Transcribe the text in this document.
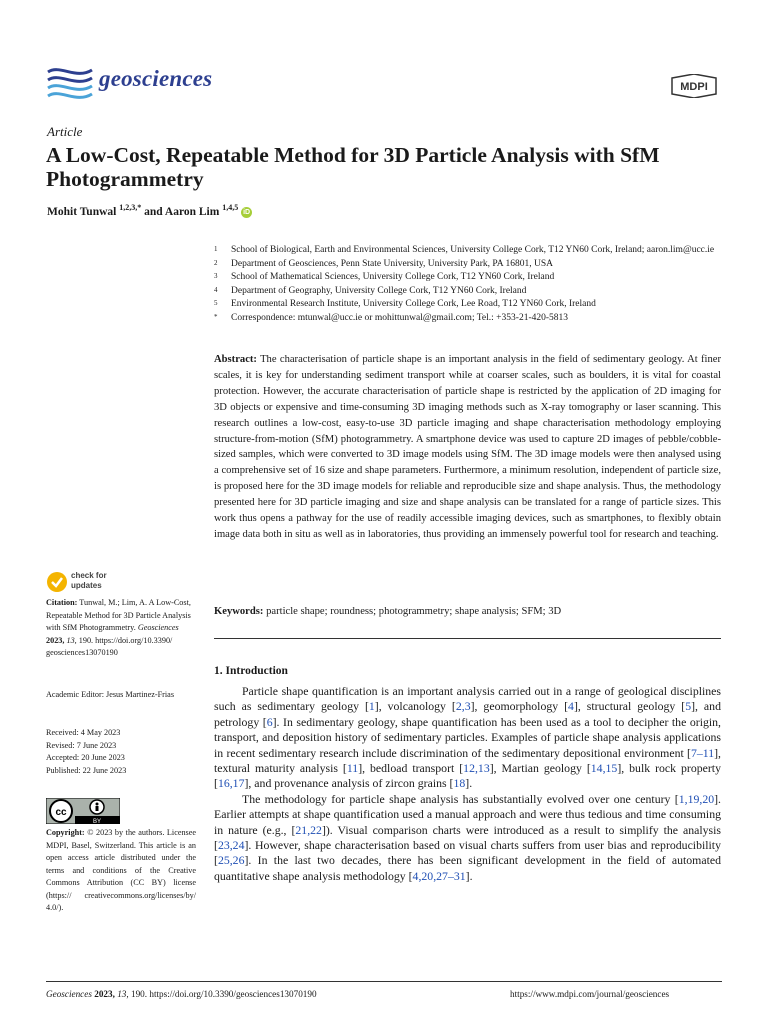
geosciences	MDPI
Article
A Low-Cost, Repeatable Method for 3D Particle Analysis with SfM Photogrammetry
Mohit Tunwal $^{1,2,3,*}$ and Aaron Lim $^{1,4,5}$ iD
1	School of Biological, Earth and Environmental Sciences, University College Cork, T12 YN60 Cork, Ireland; aaron.lim@ucc.ie
2	Department of Geosciences, Penn State University, University Park, PA 16801, USA
3	School of Mathematical Sciences, University College Cork, T12 YN60 Cork, Ireland
4	Department of Geography, University College Cork, T12 YN60 Cork, Ireland
5	Environmental Research Institute, University College Cork, Lee Road, T12 YN60 Cork, Ireland
*	Correspondence: mtunwal@ucc.ie or mohittunwal@gmail.com; Tel.: +353-21-420-5813
Abstract: The characterisation of particle shape is an important analysis in the field of sedimentary geology. At finer scales, it is key for understanding sediment transport while at coarser scales, such as boulders, it is vital for coastal protection. However, the accurate characterisation of particle shape is restricted by the application of 2D imaging for 3D objects or expensive and time-consuming 3D imaging methods such as X-ray tomography or laser scanning. This research outlines a low-cost, easy-to-use 3D particle imaging and shape characterisation methodology employing structure-from-motion (SfM) photogrammetry. A smartphone device was used to capture 2D images of pebble/cobble-sized samples, which were converted to 3D image models using SfM. The 3D image models were then analysed using a comprehensive set of 16 size and shape parameters. Furthermore, a minimum resolution, independent of particle size, is proposed here for the 3D image models for reliable and reproducible size and shape analysis. Thus, the methodology presented here for 3D particle imaging and size and shape analysis can be translated for a range of particle sizes. This work thus opens a pathway for the use of readily accessible imaging devices, such as smartphones, to flexibly obtain image data both in situ as well as in laboratories, thus providing an immensely powerful tool for research and teaching.
Keywords: particle shape; roundness; photogrammetry; shape analysis; SFM; 3D
check for
updates
Citation: Tunwal, M.; Lim, A. A Low-Cost, Repeatable Method for 3D Particle Analysis with SfM Photogrammetry. Geosciences 2023, 13, 190. https://doi.org/10.3390/ geosciences13070190
Academic Editor: Jesus Martinez-Frias
Received: 4 May 2023
Revised: 7 June 2023
Accepted: 20 June 2023
Published: 22 June 2023
cc
BY
Copyright: © 2023 by the authors. Licensee MDPI, Basel, Switzerland. This article is an open access article distributed under the terms and conditions of the Creative Commons Attribution (CC BY) license (https:// creativecommons.org/licenses/by/ 4.0/).
1. Introduction

Particle shape quantification is an important analysis carried out in a range of geological disciplines such as sedimentary geology [1], volcanology [2,3], geomorphology [4], structural geology [5], and petrology [6]. In sedimentary geology, shape quantification has been used as a tool to decipher the origin, transport, and deposition history of sedimentary particles. Examples of particle shape analysis applications in recent sedimentary research include discrimination of the sedimentary depositional environment [7–11], textural maturity analysis [11], bedload transport [12,13], Martian geology [14,15], bulk rock property [16,17], and provenance analysis of zircon grains [18].

The methodology for particle shape analysis has substantially evolved over one century [1,19,20]. Earlier attempts at shape quantification used a manual approach and were thus tedious and time consuming in nature (e.g., [21,22]). Visual comparison charts were introduced as a result to simplify the analysis [23,24]. However, shape characterisation based on visual charts suffers from user bias and reproducibility [25,26]. In the last two decades, there has been significant development in the field of automated quantitative shape analysis methodology [4,20,27–31].

Geosciences 2023, 13, 190. https://doi.org/10.3390/geosciences13070190	https://www.mdpi.com/journal/geosciences
